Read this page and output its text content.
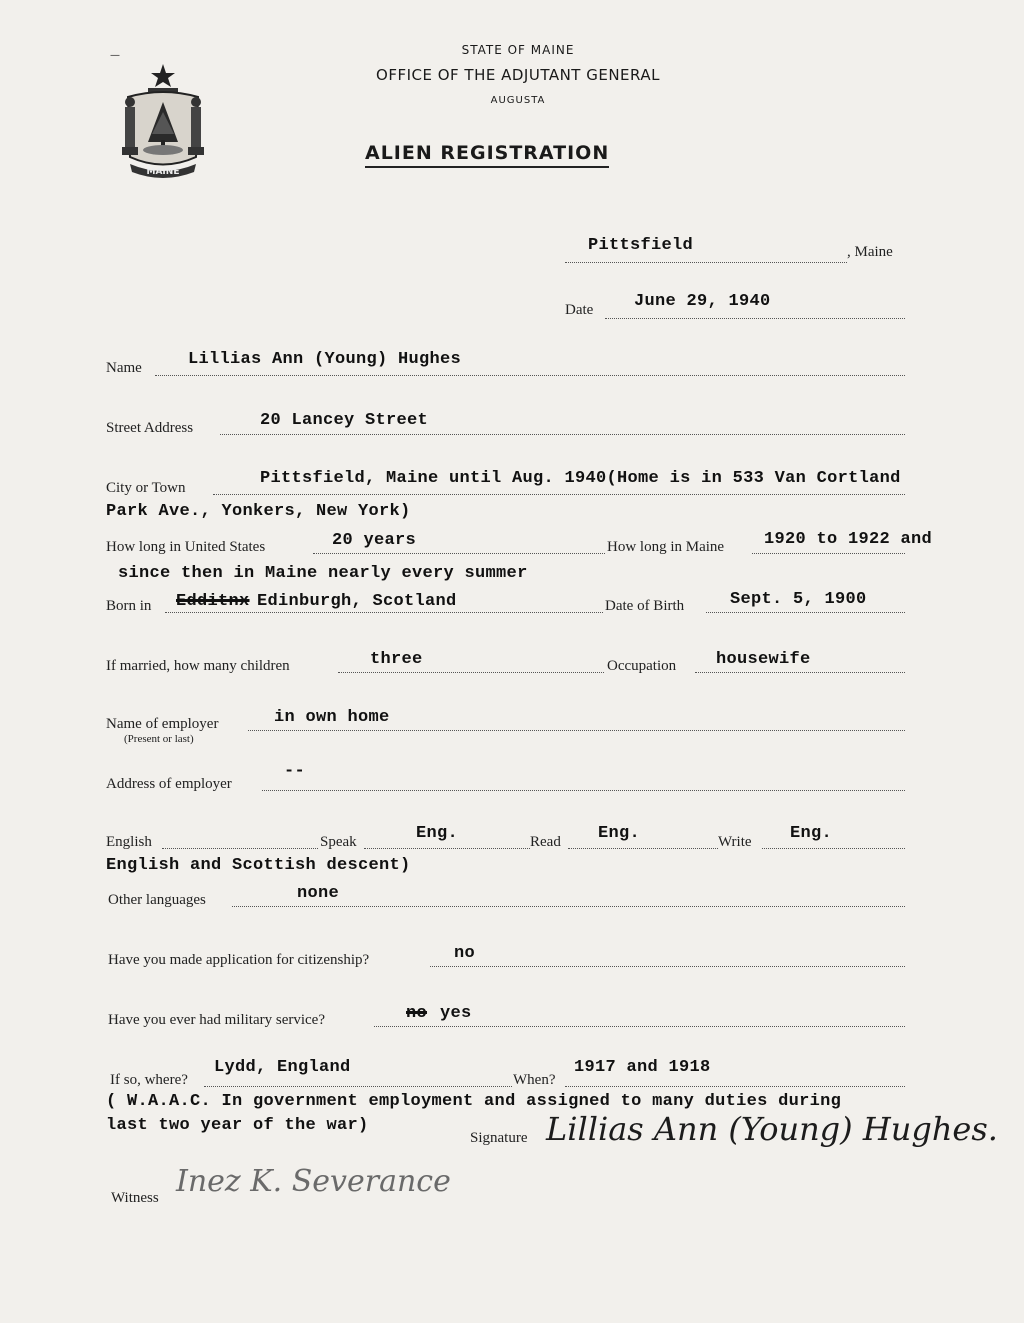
—
MAINE
STATE OF MAINE
OFFICE OF THE ADJUTANT GENERAL
AUGUSTA
ALIEN REGISTRATION
Pittsfield	, Maine
Date June 29, 1940
Name	Lillias Ann (Young) Hughes
Street Address	20 Lancey Street
City or Town	Pittsfield, Maine until Aug. 1940(Home is in 533 Van Cortland
Park Ave., Yonkers, New York)
How long in United States	20 years	How long in Maine 1920 to 1922 and
since then in Maine nearly every summer
Born in Edditnx Edinburgh, Scotland	Date of Birth	Sept. 5, 1900
If married, how many children	three	Occupation housewife
Name of employer
(Present or last)
in own home
Address of employer
--
English	Speak	Eng.	Read Eng.	Write Eng.
English and Scottish descent)
Other languages	none
Have you made application for citizenship?	no
Have you ever had military service?	no yes
If so, where?
Lydd, England
When?
1917 and 1918
( W.A.A.C. In government employment and assigned to many duties during
last two year of the war)
Signature Lillias Ann (Young) Hughes.
Witness Inez K. Severance
